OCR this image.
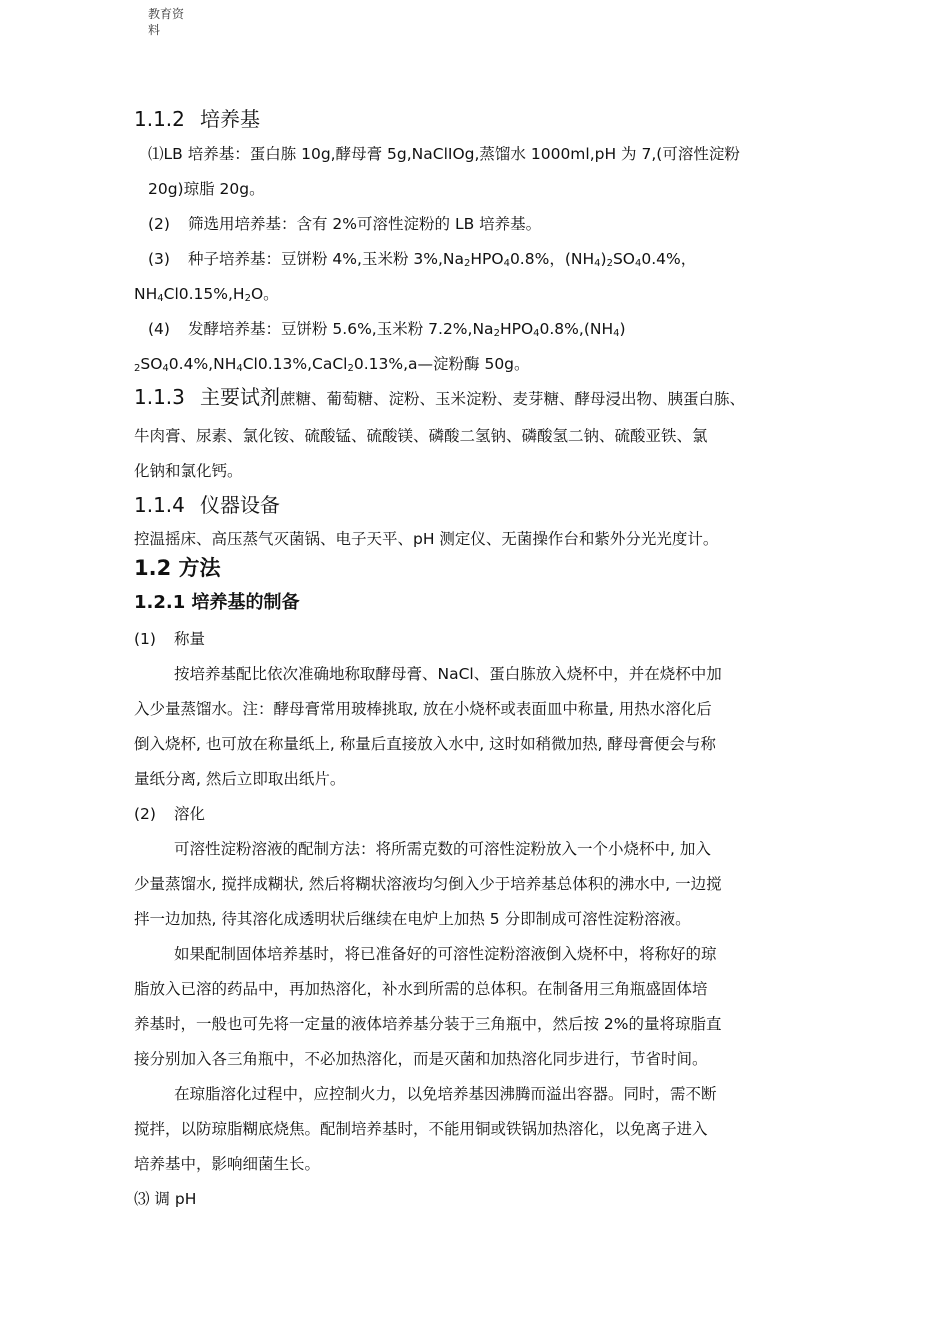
教育资
料
1.1.2 培养基
⑴LB 培养基：蛋白胨 10g,酵母膏 5g,NaClIOg,蒸馏水 1000ml,pH 为 7,(可溶性淀粉
20g)琼脂 20g。
(2) 筛选用培养基：含有 2%可溶性淀粉的 LB 培养基。
(3) 种子培养基：豆饼粉 4%,玉米粉 $3\%,Na_2HPO_40.8\%$，$(NH_4)_2SO_40.4\%$，
$NH_4Cl0.15\%,H_2O$。
(4) 发酵培养基：豆饼粉 5.6%,玉米粉 $7.2\%,Na_2HPO_40.8\%,(NH_4)$
$_2SO_40.4\%,NH_4Cl0.13\%,CaCl_20.13\%,a—$淀粉酶 50g。
1.1.3 主要试剂蔗糖、葡萄糖、淀粉、玉米淀粉、麦芽糖、酵母浸出物、胰蛋白胨、
牛肉膏、尿素、氯化铵、硫酸锰、硫酸镁、磷酸二氢钠、磷酸氢二钠、硫酸亚铁、氯
化钠和氯化钙。
1.1.4 仪器设备
控温摇床、高压蒸气灭菌锅、电子天平、pH 测定仪、无菌操作台和紫外分光光度计。
1.2 方法
1.2.1 培养基的制备
(1) 称量
按培养基配比依次准确地称取酵母膏、NaCl、蛋白胨放入烧杯中，并在烧杯中加
入少量蒸馏水。注：酵母膏常用玻棒挑取, 放在小烧杯或表面皿中称量, 用热水溶化后
倒入烧杯, 也可放在称量纸上, 称量后直接放入水中, 这时如稍微加热, 酵母膏便会与称
量纸分离, 然后立即取出纸片。
(2) 溶化
可溶性淀粉溶液的配制方法：将所需克数的可溶性淀粉放入一个小烧杯中, 加入
少量蒸馏水, 搅拌成糊状, 然后将糊状溶液均匀倒入少于培养基总体积的沸水中, 一边搅
拌一边加热, 待其溶化成透明状后继续在电炉上加热 5 分即制成可溶性淀粉溶液。
如果配制固体培养基时，将已准备好的可溶性淀粉溶液倒入烧杯中，将称好的琼
脂放入已溶的药品中，再加热溶化，补水到所需的总体积。在制备用三角瓶盛固体培
养基时，一般也可先将一定量的液体培养基分装于三角瓶中，然后按 2%的量将琼脂直
接分别加入各三角瓶中，不必加热溶化，而是灭菌和加热溶化同步进行，节省时间。
在琼脂溶化过程中，应控制火力，以免培养基因沸腾而溢出容器。同时，需不断
搅拌，以防琼脂糊底烧焦。配制培养基时，不能用铜或铁锅加热溶化，以免离子进入
培养基中，影响细菌生长。
⑶ 调 pH
